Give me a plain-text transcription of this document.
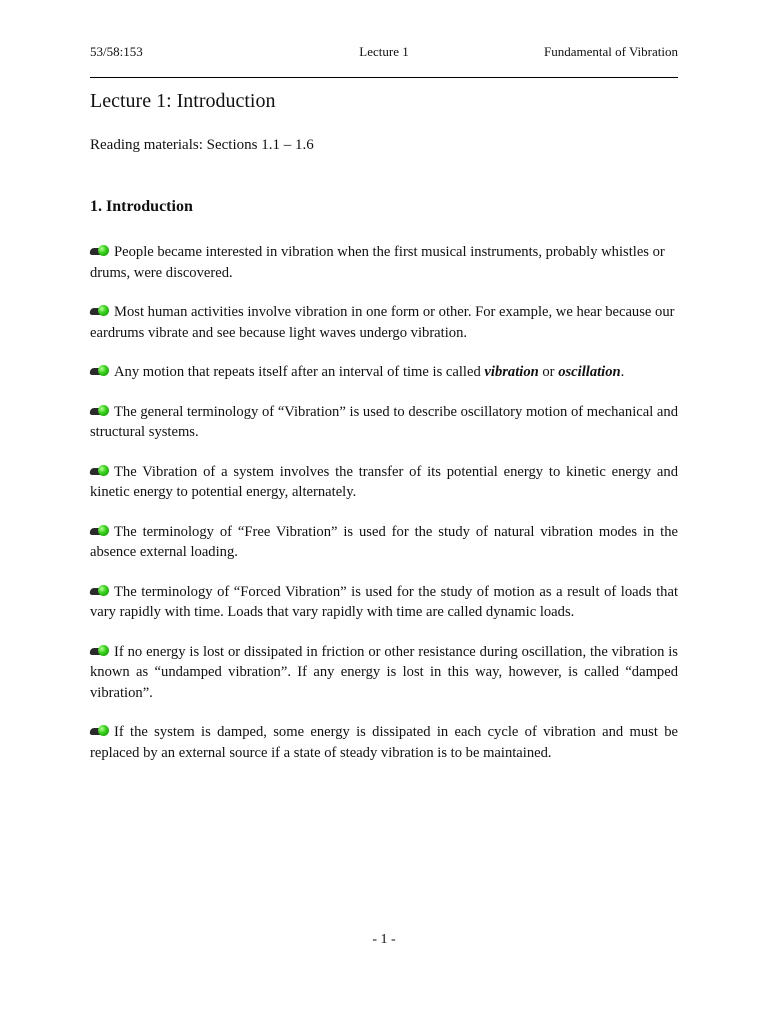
53/58:153	Lecture 1	Fundamental of Vibration
Lecture 1: Introduction
Reading materials: Sections 1.1 – 1.6
1. Introduction
People became interested in vibration when the first musical instruments, probably whistles or drums, were discovered.
Most human activities involve vibration in one form or other. For example, we hear because our eardrums vibrate and see because light waves undergo vibration.
Any motion that repeats itself after an interval of time is called vibration or oscillation.
The general terminology of “Vibration” is used to describe oscillatory motion of mechanical and structural systems.
The Vibration of a system involves the transfer of its potential energy to kinetic energy and kinetic energy to potential energy, alternately.
The terminology of “Free Vibration” is used for the study of natural vibration modes in the absence external loading.
The terminology of “Forced Vibration” is used for the study of motion as a result of loads that vary rapidly with time. Loads that vary rapidly with time are called dynamic loads.
If no energy is lost or dissipated in friction or other resistance during oscillation, the vibration is known as “undamped vibration”. If any energy is lost in this way, however, is called “damped vibration”.
If the system is damped, some energy is dissipated in each cycle of vibration and must be replaced by an external source if a state of steady vibration is to be maintained.
- 1 -
